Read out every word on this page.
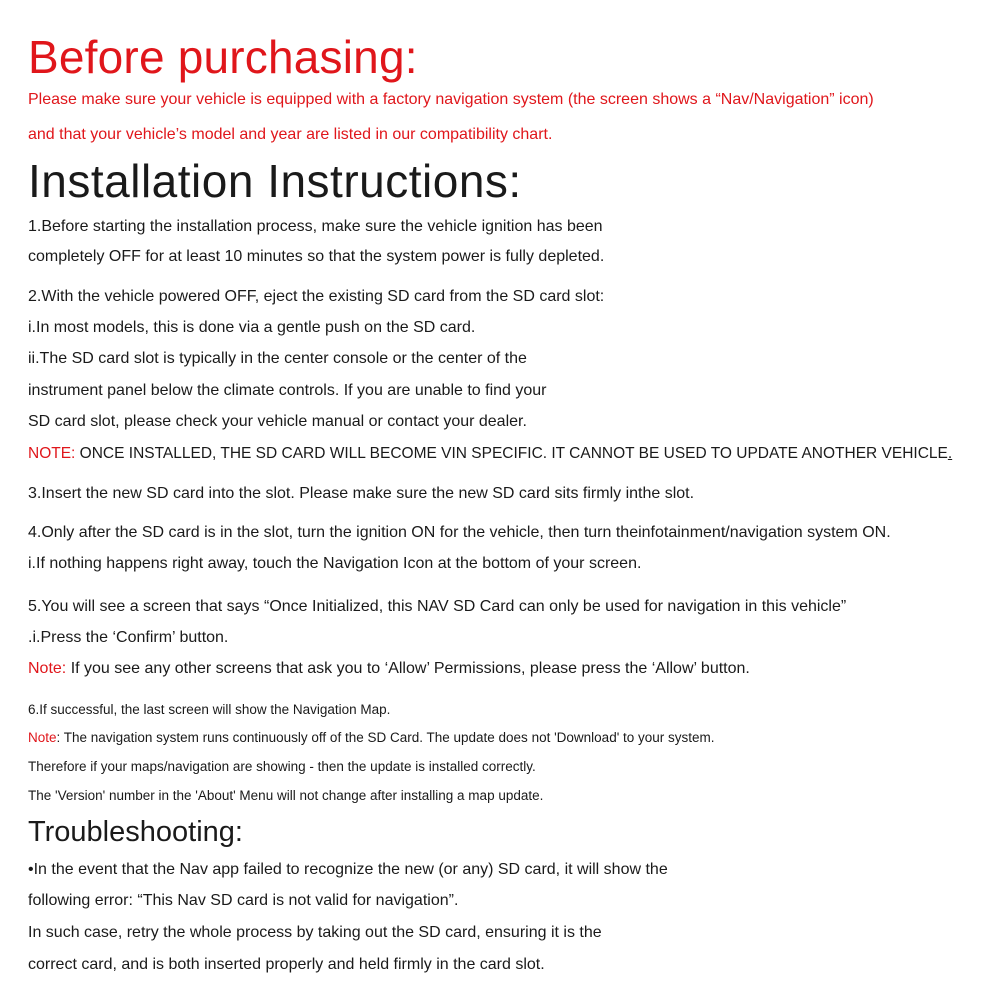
Before purchasing:

Please make sure your vehicle is equipped with a factory navigation system (the screen shows a “Nav/Navigation” icon)

and that your vehicle’s model and year are listed in our compatibility chart.

Installation Instructions:

1.Before starting the installation process, make sure the vehicle ignition has been

completely OFF for at least 10 minutes so that the system power is fully depleted.

2.With the vehicle powered OFF, eject the existing SD card from the SD card slot:

i.In most models, this is done via a gentle push on the SD card.

ii.The SD card slot is typically in the center console or the center of the

instrument panel below the climate controls. If you are unable to find your

SD card slot, please check your vehicle manual or contact your dealer.

NOTE: ONCE INSTALLED, THE SD CARD WILL BECOME VIN SPECIFIC. IT CANNOT BE USED TO UPDATE ANOTHER VEHICLE.

3.Insert the new SD card into the slot. Please make sure the new SD card sits firmly inthe slot.

4.Only after the SD card is in the slot, turn the ignition ON for the vehicle, then turn theinfotainment/navigation system ON.

i.If nothing happens right away, touch the Navigation Icon at the bottom of your screen.

5.You will see a screen that says “Once Initialized, this NAV SD Card can only be used for navigation in this vehicle”

.i.Press the ‘Confirm’ button.

Note: If you see any other screens that ask you to ‘Allow’ Permissions, please press the ‘Allow’ button.

6.If successful, the last screen will show the Navigation Map.

Note: The navigation system runs continuously off of the SD Card. The update does not 'Download' to your system.

Therefore if your maps/navigation are showing - then the update is installed correctly.

The 'Version' number in the 'About' Menu will not change after installing a map update.

Troubleshooting:

•In the event that the Nav app failed to recognize the new (or any) SD card, it will show the

following error: “This Nav SD card is not valid for navigation”.

In such case, retry the whole process by taking out the SD card, ensuring it is the

correct card, and is both inserted properly and held firmly in the card slot.
